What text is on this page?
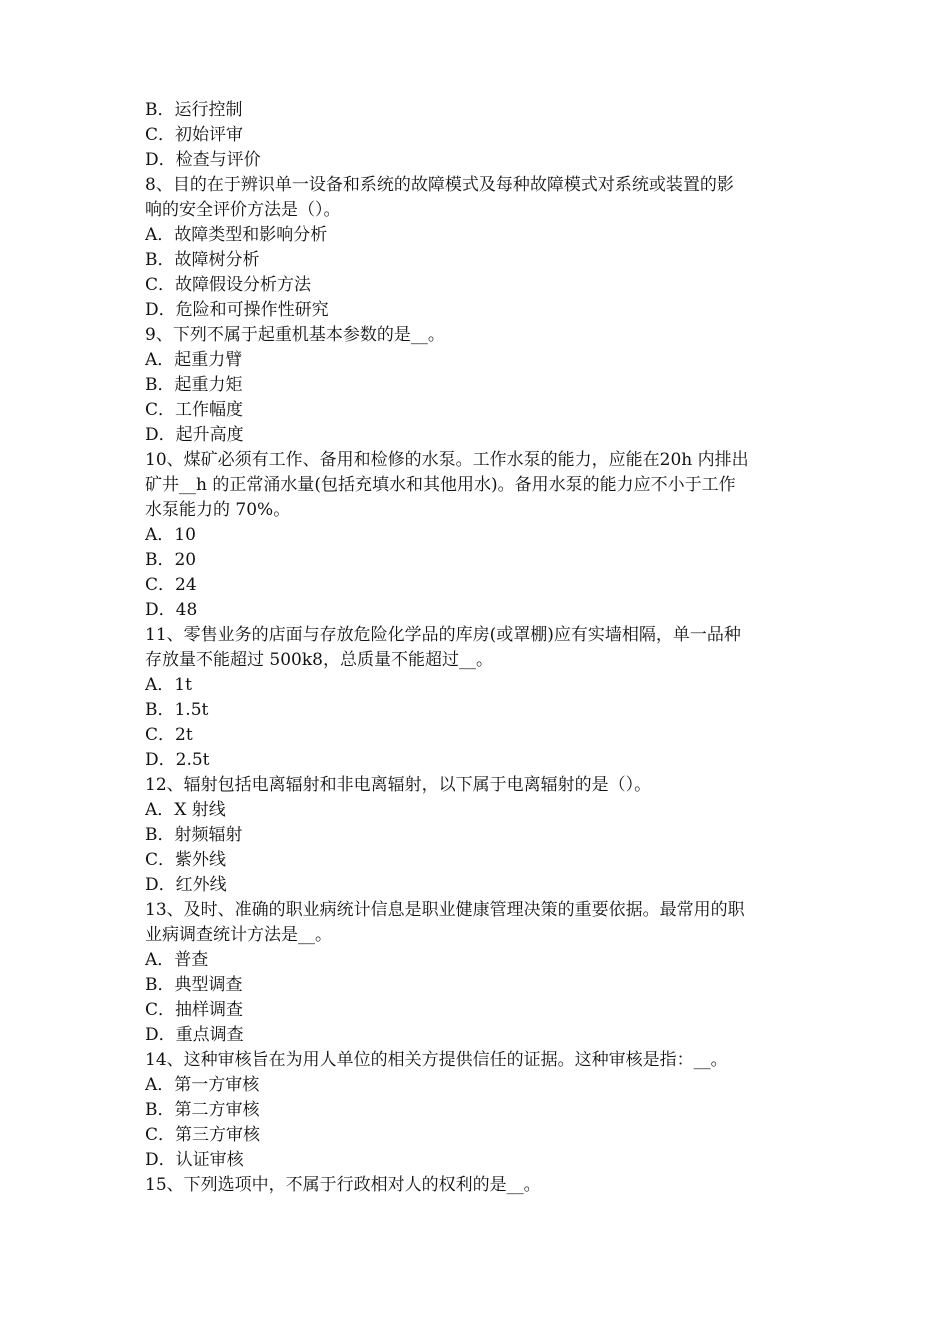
B．运行控制
C．初始评审
D．检查与评价
8、目的在于辨识单一设备和系统的故障模式及每种故障模式对系统或装置的影
响的安全评价方法是（）。
A．故障类型和影响分析
B．故障树分析
C．故障假设分析方法
D．危险和可操作性研究
9、下列不属于起重机基本参数的是__。
A．起重力臂
B．起重力矩
C．工作幅度
D．起升高度
10、煤矿必须有工作、备用和检修的水泵。工作水泵的能力，应能在20h 内排出
矿井__h 的正常涌水量(包括充填水和其他用水)。备用水泵的能力应不小于工作
水泵能力的 70%。
A．10
B．20
C．24
D．48
11、零售业务的店面与存放危险化学品的库房(或罩棚)应有实墙相隔，单一品种
存放量不能超过 500k8，总质量不能超过__。
A．1t
B．1.5t
C．2t
D．2.5t
12、辐射包括电离辐射和非电离辐射，以下属于电离辐射的是（）。
A．X 射线
B．射频辐射
C．紫外线
D．红外线
13、及时、准确的职业病统计信息是职业健康管理决策的重要依据。最常用的职
业病调查统计方法是__。
A．普查
B．典型调查
C．抽样调查
D．重点调查
14、这种审核旨在为用人单位的相关方提供信任的证据。这种审核是指：__。
A．第一方审核
B．第二方审核
C．第三方审核
D．认证审核
15、下列选项中，不属于行政相对人的权利的是__。
